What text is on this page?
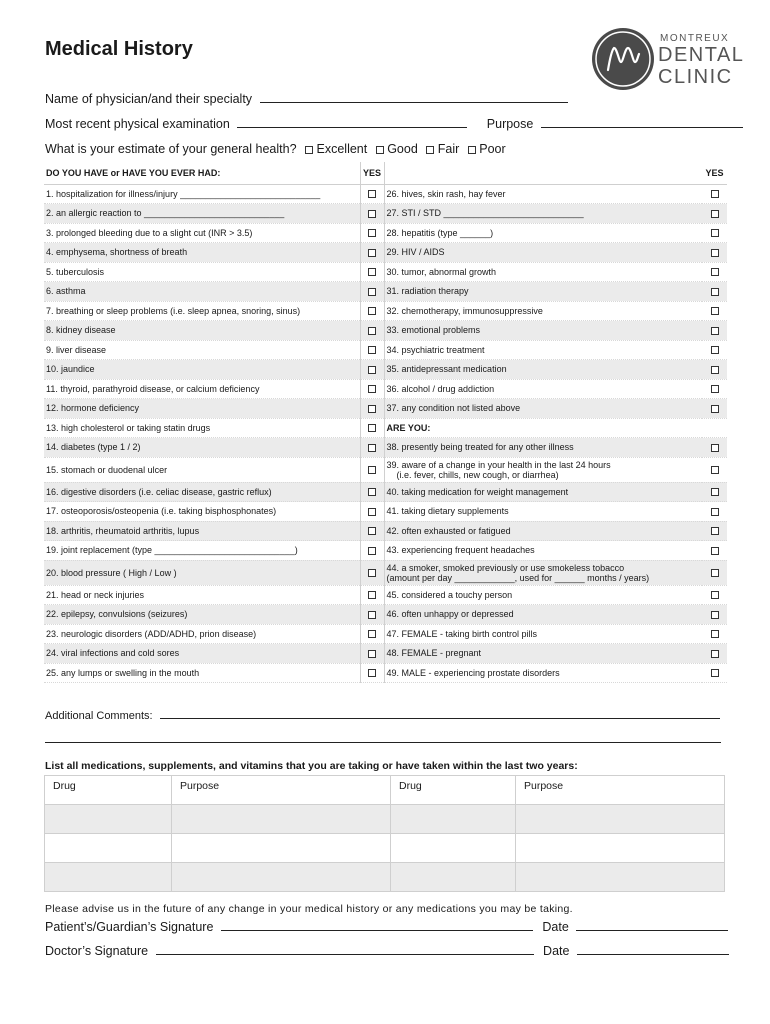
Medical History	MONTREUX
DENTAL
CLINIC
Name of physician/and their specialty
Most recent physical examination	Purpose
What is your estimate of your general health? Excellent Good Fair Poor
DO YOU HAVE or HAVE YOU EVER HAD:	YES		YES
1. hospitalization for illness/injury ____________________________		26. hives, skin rash, hay fever	
2. an allergic reaction to ____________________________		27. STI / STD ____________________________	
3. prolonged bleeding due to a slight cut (INR > 3.5)		28. hepatitis (type ______)	
4. emphysema, shortness of breath		29. HIV / AIDS	
5. tuberculosis		30. tumor, abnormal growth	
6. asthma		31. radiation therapy	
7. breathing or sleep problems (i.e. sleep apnea, snoring, sinus)		32. chemotherapy, immunosuppressive	
8. kidney disease		33. emotional problems	
9. liver disease		34. psychiatric treatment	
10. jaundice		35. antidepressant medication	
11. thyroid, parathyroid disease, or calcium deficiency		36. alcohol / drug addiction	
12. hormone deficiency		37. any condition not listed above	
13. high cholesterol or taking statin drugs		ARE YOU:	
14. diabetes (type 1 / 2)		38. presently being treated for any other illness	
15. stomach or duodenal ulcer		39. aware of a change in your health in the last 24 hours
(i.e. fever, chills, new cough, or diarrhea)	
16. digestive disorders (i.e. celiac disease, gastric reflux)		40. taking medication for weight management	
17. osteoporosis/osteopenia (i.e. taking bisphosphonates)		41. taking dietary supplements	
18. arthritis, rheumatoid arthritis, lupus		42. often exhausted or fatigued	
19. joint replacement (type ____________________________)		43. experiencing frequent headaches	
20. blood pressure ( High / Low )		44. a smoker, smoked previously or use smokeless tobacco
(amount per day ____________, used for ______ months / years)	
21. head or neck injuries		45. considered a touchy person	
22. epilepsy, convulsions (seizures)		46. often unhappy or depressed	
23. neurologic disorders (ADD/ADHD, prion disease)		47. FEMALE - taking birth control pills	
24. viral infections and cold sores		48. FEMALE - pregnant	
25. any lumps or swelling in the mouth		49. MALE - experiencing prostate disorders	
Additional Comments:
List all medications, supplements, and vitamins that you are taking or have taken within the last two years:
Drug	Purpose	Drug	Purpose

Please advise us in the future of any change in your medical history or any medications you may be taking.
Patient’s/Guardian’s Signature	Date
Doctor’s Signature	Date
